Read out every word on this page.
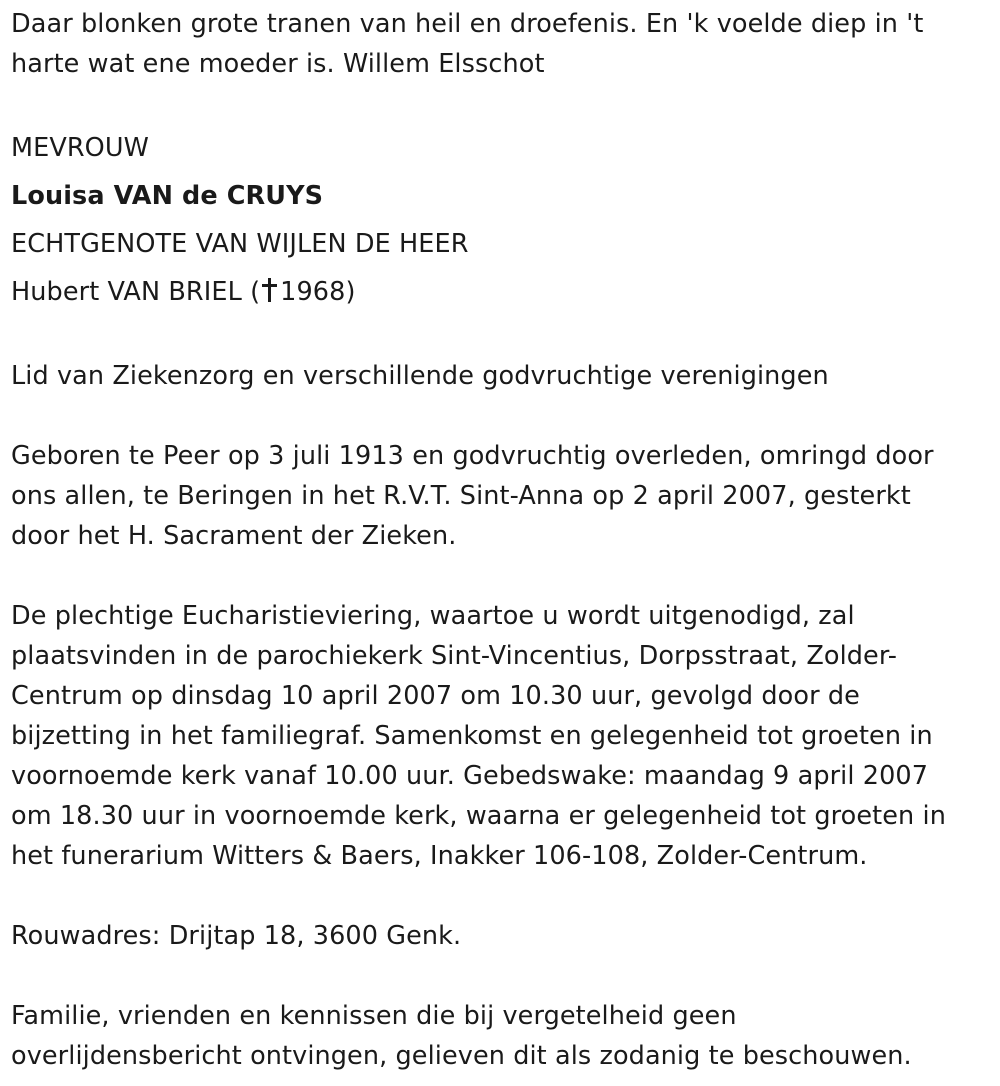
Daar blonken grote tranen van heil en droefenis. En 'k voelde diep in 't

harte wat ene moeder is. Willem Elsschot

MEVROUW

Louisa VAN de CRUYS

ECHTGENOTE VAN WIJLEN DE HEER

Hubert VAN BRIEL ( 1968)

Lid van Ziekenzorg en verschillende godvruchtige verenigingen

Geboren te Peer op 3 juli 1913 en godvruchtig overleden, omringd door

ons allen, te Beringen in het R.V.T. Sint-Anna op 2 april 2007, gesterkt

door het H. Sacrament der Zieken.

De plechtige Eucharistieviering, waartoe u wordt uitgenodigd, zal

plaatsvinden in de parochiekerk Sint-Vincentius, Dorpsstraat, Zolder-

Centrum op dinsdag 10 april 2007 om 10.30 uur, gevolgd door de

bijzetting in het familiegraf. Samenkomst en gelegenheid tot groeten in

voornoemde kerk vanaf 10.00 uur. Gebedswake: maandag 9 april 2007

om 18.30 uur in voornoemde kerk, waarna er gelegenheid tot groeten in

het funerarium Witters & Baers, Inakker 106-108, Zolder-Centrum.

Rouwadres: Drijtap 18, 3600 Genk.

Familie, vrienden en kennissen die bij vergetelheid geen

overlijdensbericht ontvingen, gelieven dit als zodanig te beschouwen.
